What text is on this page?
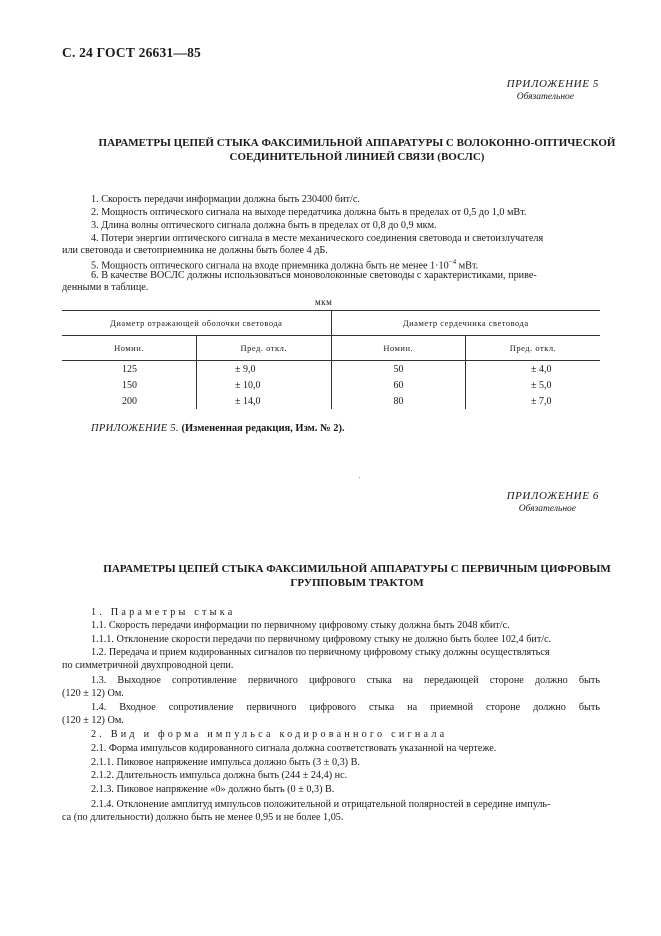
С. 24 ГОСТ 26631—85
ПРИЛОЖЕНИЕ 5
Обязательное
ПАРАМЕТРЫ ЦЕПЕЙ СТЫКА ФАКСИМИЛЬНОЙ АППАРАТУРЫ С ВОЛОКОННО-ОПТИЧЕСКОЙ
СОЕДИНИТЕЛЬНОЙ ЛИНИЕЙ СВЯЗИ (ВОСЛС)
1. Скорость передачи информации должна быть 230400 бит/с.
2. Мощность оптического сигнала на выходе передатчика должна быть в пределах от 0,5 до 1,0 мВт.
3. Длина волны оптического сигнала должна быть в пределах от 0,8 до 0,9 мкм.
4. Потери энергии оптического сигнала в месте механического соединения световода и светоизлучателя
или световода и светоприемника не должны быть более 4 дБ.
5. Мощность оптического сигнала на входе приемника должна быть не менее $1\cdot 10^{-4}$ мВт.
6. В качестве ВОСЛС должны использоваться моноволоконные световоды с характеристиками, приве-
денными в таблице.
мкм
Диаметр отражающей оболочки световода		Диаметр сердечника световода	
Номин.	Пред. откл.	Номин.	Пред. откл.
125	± 9,0	50	± 4,0
150	± 10,0	60	± 5,0
200	± 14,0	80	± 7,0
ПРИЛОЖЕНИЕ 5. (Измененная редакция, Изм. № 2).
ПРИЛОЖЕНИЕ 6
Обязательное
ПАРАМЕТРЫ ЦЕПЕЙ СТЫКА ФАКСИМИЛЬНОЙ АППАРАТУРЫ С ПЕРВИЧНЫМ ЦИФРОВЫМ
ГРУППОВЫМ ТРАКТОМ
1. Параметры стыка
1.1. Скорость передачи информации по первичному цифровому стыку должна быть 2048 кбит/с.
1.1.1. Отклонение скорости передачи по первичному цифровому стыку не должно быть более 102,4 бит/с.
1.2. Передача и прием кодированных сигналов по первичному цифровому стыку должны осуществляться
по симметричной двухпроводной цепи.
1.3. Выходное сопротивление первичного цифрового стыка на передающей стороне должно быть
(120 ± 12) Ом.
1.4. Входное сопротивление первичного цифрового стыка на приемной стороне должно быть
(120 ± 12) Ом.
2. Вид и форма импульса кодированного сигнала
2.1. Форма импульсов кодированного сигнала должна соответствовать указанной на чертеже.
2.1.1. Пиковое напряжение импульса должно быть (3 ± 0,3) В.
2.1.2. Длительность импульса должна быть (244 ± 24,4) нс.
2.1.3. Пиковое напряжение «0» должно быть (0 ± 0,3) В.
2.1.4. Отклонение амплитуд импульсов положительной и отрицательной полярностей в середине импуль-
са (по длительности) должно быть не менее 0,95 и не более 1,05.
